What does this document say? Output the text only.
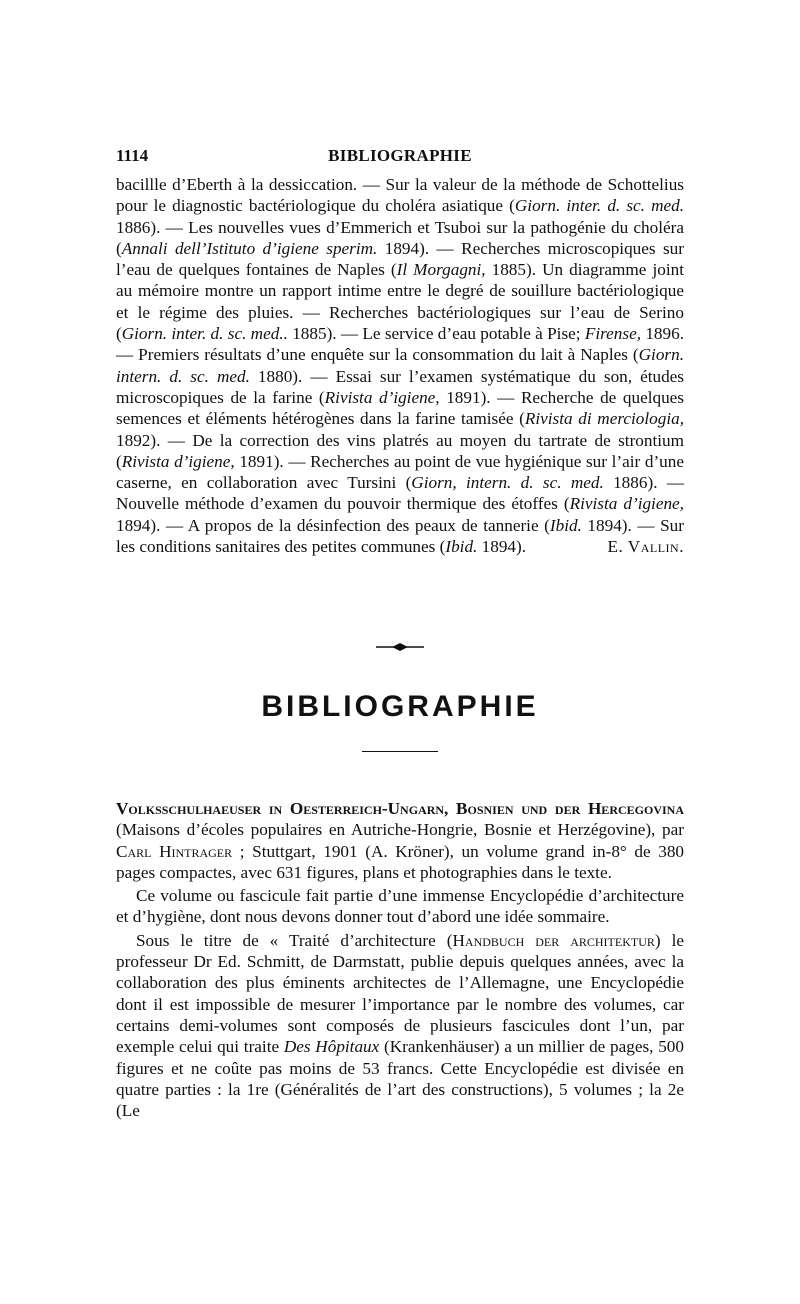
1114	BIBLIOGRAPHIE

bacillle d’Eberth à la dessiccation. — Sur la valeur de la méthode de Schottelius pour le diagnostic bactériologique du choléra asiatique (Giorn. inter. d. sc. med. 1886). — Les nouvelles vues d’Emmerich et Tsuboi sur la pathogénie du choléra (Annali dell’Istituto d’igiene sperim. 1894). — Recherches microscopiques sur l’eau de quelques fontaines de Naples (Il Morgagni, 1885). Un diagramme joint au mémoire montre un rapport intime entre le degré de souillure bactériologique et le régime des pluies. — Recherches bactériologiques sur l’eau de Serino (Giorn. inter. d. sc. med.. 1885). — Le service d’eau potable à Pise; Firense, 1896. — Premiers résultats d’une enquête sur la consommation du lait à Naples (Giorn. intern. d. sc. med. 1880). — Essai sur l’examen systématique du son, études microscopiques de la farine (Rivista d’igiene, 1891). — Recherche de quelques semences et éléments hétérogènes dans la farine tamisée (Rivista di merciologia, 1892). — De la correction des vins platrés au moyen du tartrate de strontium (Rivista d’igiene, 1891). — Recherches au point de vue hygiénique sur l’air d’une caserne, en collaboration avec Tursini (Giorn, intern. d. sc. med. 1886). — Nouvelle méthode d’examen du pouvoir thermique des étoffes (Rivista d’igiene, 1894). — A propos de la désinfection des peaux de tannerie (Ibid. 1894). — Sur les conditions sanitaires des petites communes (Ibid. 1894).	E. Vallin.
BIBLIOGRAPHIE

Volksschulhaeuser in Oesterreich-Ungarn, Bosnien und der Hercegovina (Maisons d’écoles populaires en Autriche-Hongrie, Bosnie et Herzégovine), par Carl Hintrager ; Stuttgart, 1901 (A. Kröner), un volume grand in-8° de 380 pages compactes, avec 631 figures, plans et photographies dans le texte.

Ce volume ou fascicule fait partie d’une immense Encyclopédie d’architecture et d’hygiène, dont nous devons donner tout d’abord une idée sommaire.

Sous le titre de « Traité d’architecture (Handbuch der architektur) le professeur Dr Ed. Schmitt, de Darmstatt, publie depuis quelques années, avec la collaboration des plus éminents architectes de l’Allemagne, une Encyclopédie dont il est impossible de mesurer l’importance par le nombre des volumes, car certains demi-volumes sont composés de plusieurs fascicules dont l’un, par exemple celui qui traite Des Hôpitaux (Krankenhäuser) a un millier de pages, 500 figures et ne coûte pas moins de 53 francs. Cette Encyclopédie est divisée en quatre parties : la 1re (Généralités de l’art des constructions), 5 volumes ; la 2e (Le
